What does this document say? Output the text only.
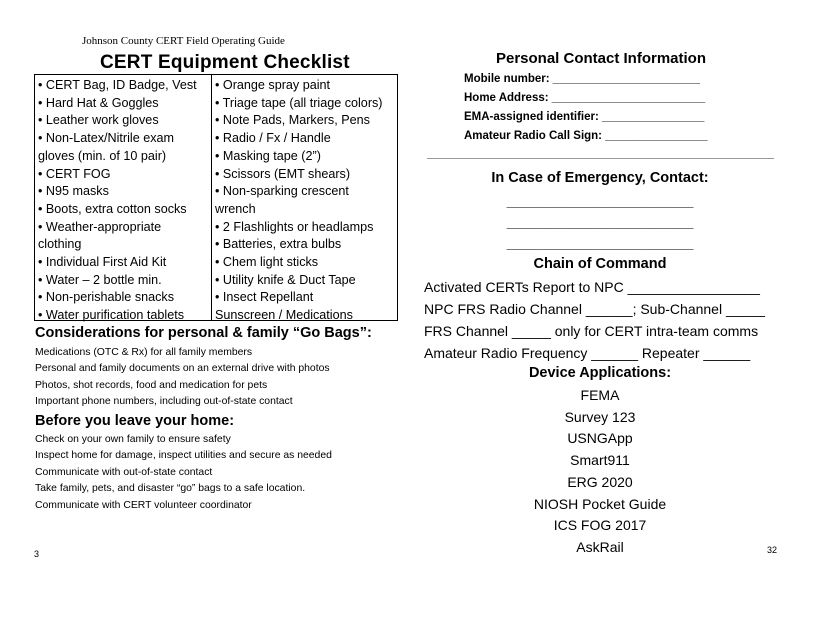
Johnson County CERT Field Operating Guide
CERT Equipment Checklist
• CERT Bag, ID Badge, Vest
• Hard Hat & Goggles
• Leather work gloves
• Non-Latex/Nitrile exam
gloves (min. of 10 pair)
• CERT FOG
• N95 masks
• Boots, extra cotton socks
• Weather-appropriate
clothing
• Individual First Aid Kit
• Water – 2 bottle min.
• Non-perishable snacks
• Water purification tablets
• Orange spray paint
• Triage tape (all triage colors)
• Note Pads, Markers, Pens
• Radio / Fx / Handle
• Masking tape (2”)
• Scissors (EMT shears)
• Non-sparking crescent
wrench
• 2 Flashlights or headlamps
• Batteries, extra bulbs
• Chem light sticks
• Utility knife & Duct Tape
• Insect Repellant
Sunscreen / Medications
Considerations for personal & family “Go Bags”:
Medications (OTC & Rx) for all family members
Personal and family documents on an external drive with photos
Photos, shot records, food and medication for pets
Important phone numbers, including out-of-state contact
Before you leave your home:
Check on your own family to ensure safety
Inspect home for damage, inspect utilities and secure as needed
Communicate with out-of-state contact
Take family, pets, and disaster “go” bags to a safe location.
Communicate with CERT volunteer coordinator
3
Personal Contact Information
Mobile number: _______________________
Home Address: ________________________
EMA-assigned identifier: ________________
Amateur Radio Call Sign: ________________
In Case of Emergency, Contact:
________________________
________________________
________________________
Chain of Command
Activated CERTs Report to NPC _________________
NPC FRS Radio Channel ______; Sub-Channel _____
FRS Channel _____ only for CERT intra-team comms
Amateur Radio Frequency ______ Repeater ______
Device Applications:
FEMA
Survey 123
USNGApp
Smart911
ERG 2020
NIOSH Pocket Guide
ICS FOG 2017
AskRail	32
